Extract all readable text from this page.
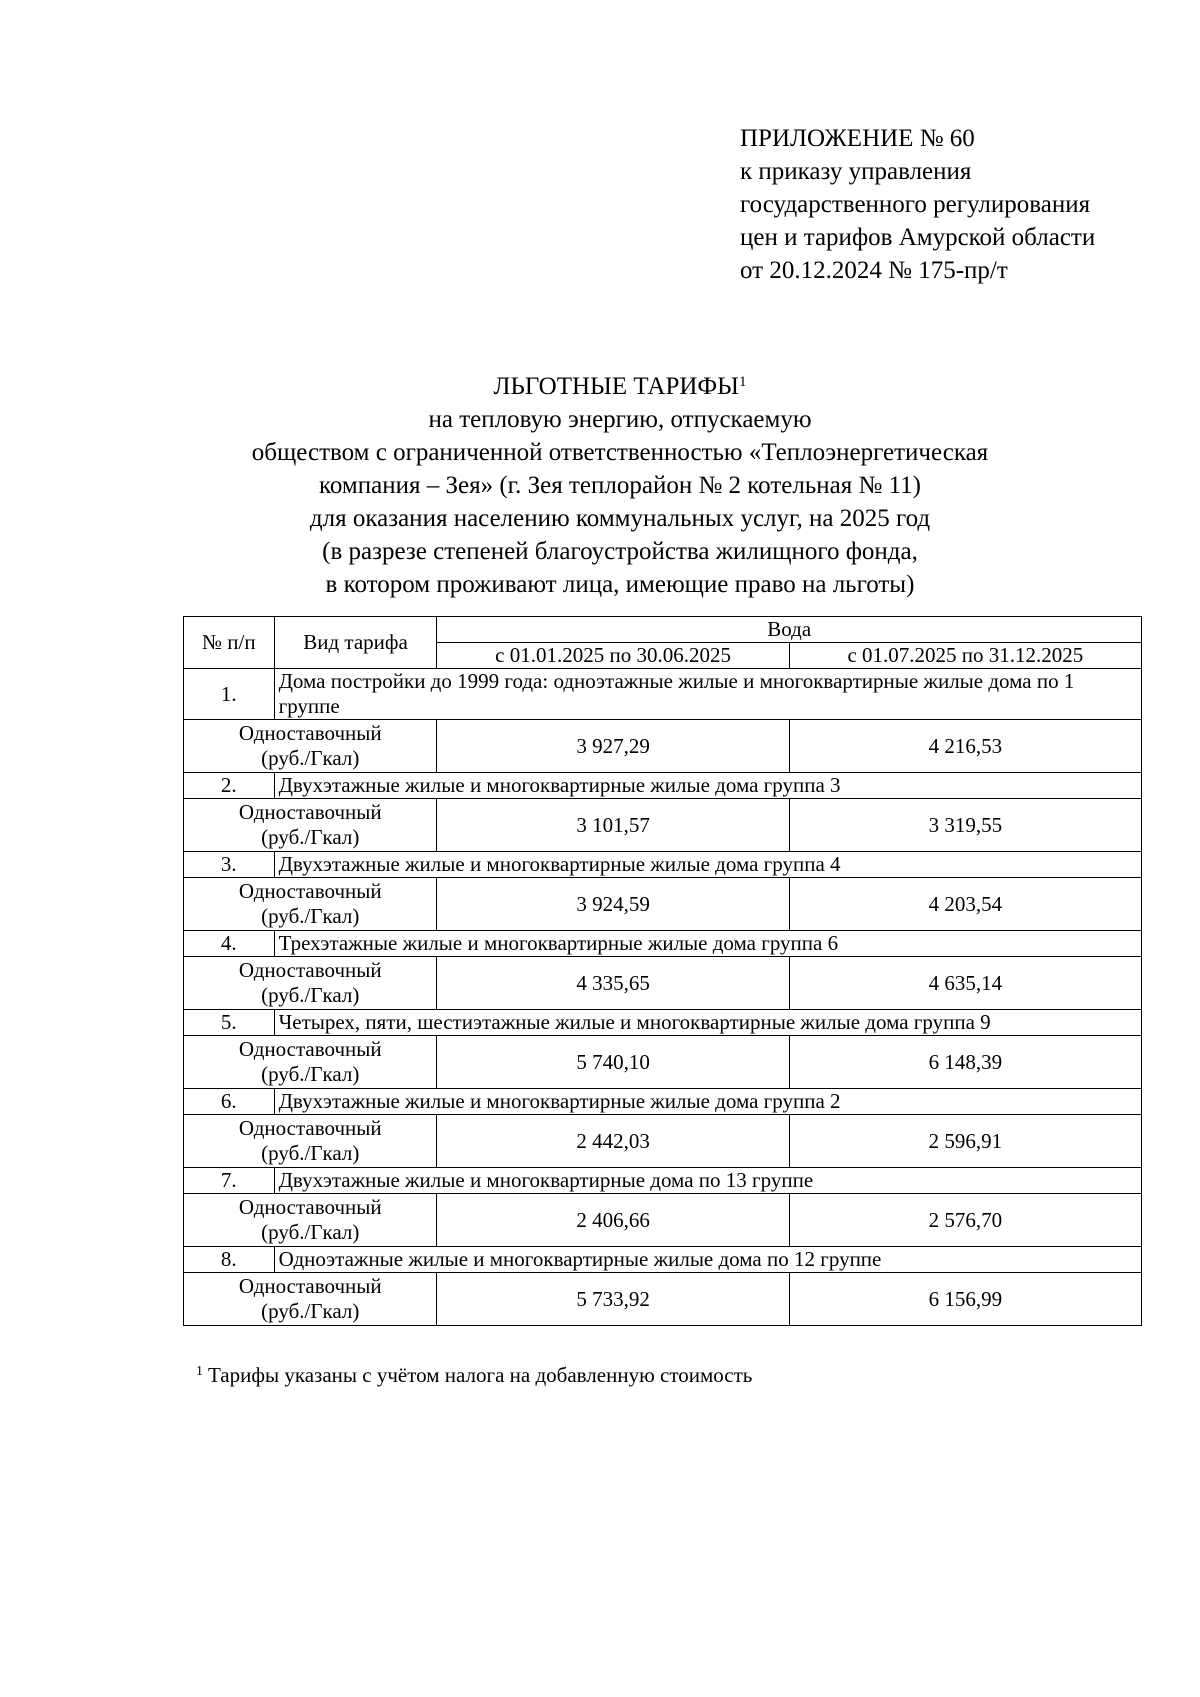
ПРИЛОЖЕНИЕ № 60
к приказу управления
государственного регулирования
цен и тарифов Амурской области
от 20.12.2024 № 175-пр/т
ЛЬГОТНЫЕ ТАРИФЫ$^1$
на тепловую энергию, отпускаемую
обществом с ограниченной ответственностью «Теплоэнергетическая
компания – Зея» (г. Зея теплорайон № 2 котельная № 11)
для оказания населению коммунальных услуг, на 2025 год
(в разрезе степеней благоустройства жилищного фонда,
в котором проживают лица, имеющие право на льготы)
№ п/п	Вид тарифа	Вода	
		с 01.01.2025 по 30.06.2025	с 01.07.2025 по 31.12.2025
1.	Дома постройки до 1999 года: одноэтажные жилые и многоквартирные жилые дома по 1 группе		

Одноставочный
(руб./Гкал)		3 927,29	4 216,53
2.	Двухэтажные жилые и многоквартирные жилые дома группа 3		

Одноставочный
(руб./Гкал)		3 101,57	3 319,55
3.	Двухэтажные жилые и многоквартирные жилые дома группа 4		

Одноставочный
(руб./Гкал)		3 924,59	4 203,54
4.	Трехэтажные жилые и многоквартирные жилые дома группа 6		

Одноставочный
(руб./Гкал)		4 335,65	4 635,14
5.	Четырех, пяти, шестиэтажные жилые и многоквартирные жилые дома группа 9		

Одноставочный
(руб./Гкал)		5 740,10	6 148,39
6.	Двухэтажные жилые и многоквартирные жилые дома группа 2		

Одноставочный
(руб./Гкал)		2 442,03	2 596,91
7.	Двухэтажные жилые и многоквартирные дома по 13 группе		

Одноставочный
(руб./Гкал)		2 406,66	2 576,70
8.	Одноэтажные жилые и многоквартирные жилые дома по 12 группе		

Одноставочный
(руб./Гкал)		5 733,92	6 156,99
$^1$ Тарифы указаны с учётом налога на добавленную стоимость
